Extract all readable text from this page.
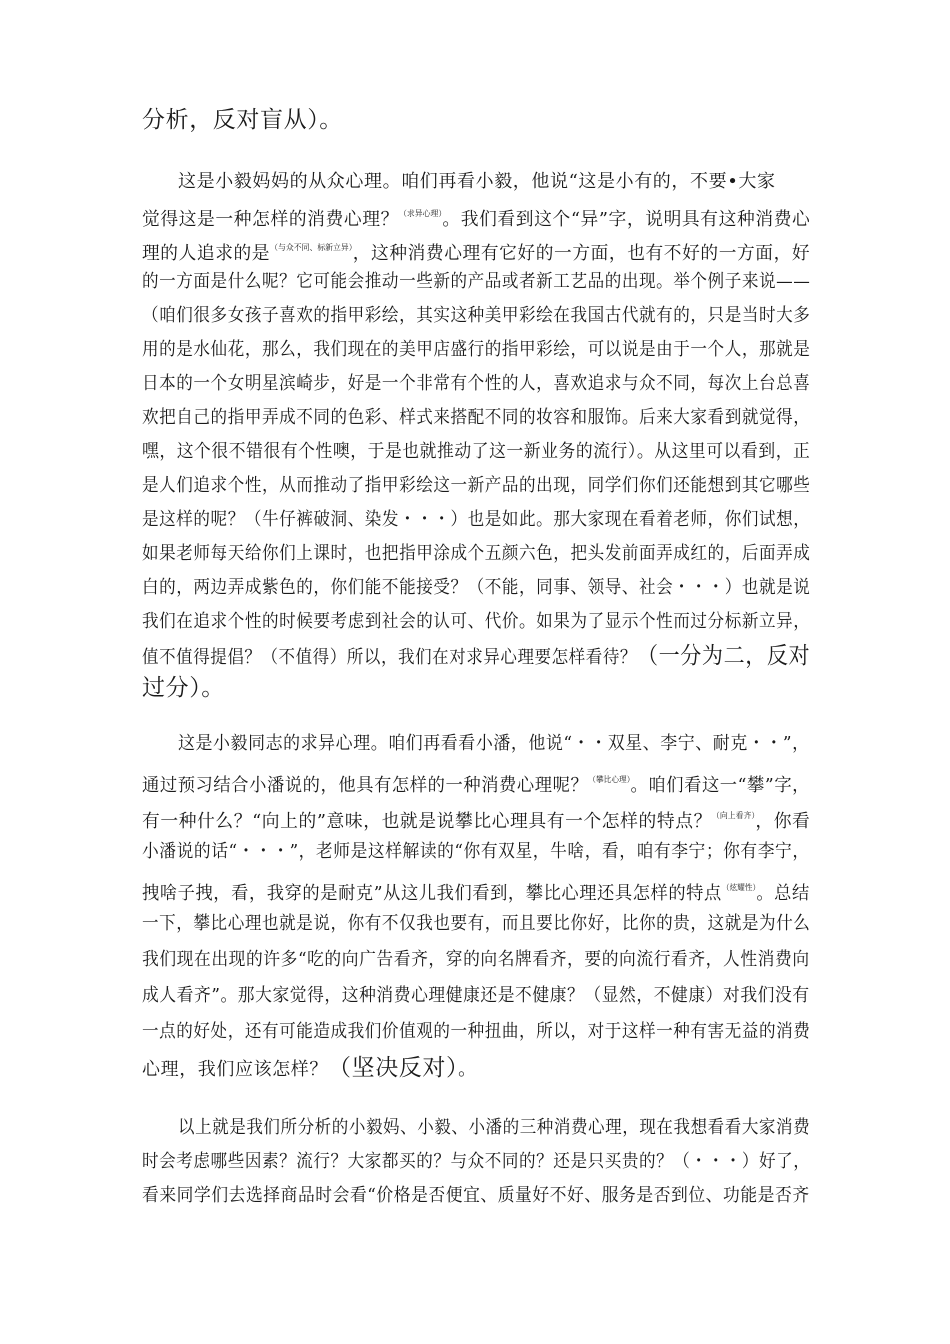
分析，反对盲从）。
这是小毅妈妈的从众心理。咱们再看小毅，他说“这是小有的，不要•大家
觉得这是一种怎样的消费心理？$^{(求异心理)}$。我们看到这个“异”字，说明具有这种消费心
理的人追求的是$^{(与众不同、标新立异)}$，这种消费心理有它好的一方面，也有不好的一方面，好
的一方面是什么呢？它可能会推动一些新的产品或者新工艺品的出现。举个例子来说——
（咱们很多女孩子喜欢的指甲彩绘，其实这种美甲彩绘在我国古代就有的，只是当时大多
用的是水仙花，那么，我们现在的美甲店盛行的指甲彩绘，可以说是由于一个人，那就是
日本的一个女明星滨崎步，好是一个非常有个性的人，喜欢追求与众不同，每次上台总喜
欢把自己的指甲弄成不同的色彩、样式来搭配不同的妆容和服饰。后来大家看到就觉得，
嘿，这个很不错很有个性噢，于是也就推动了这一新业务的流行）。从这里可以看到，正
是人们追求个性，从而推动了指甲彩绘这一新产品的出现，同学们你们还能想到其它哪些
是这样的呢？（牛仔裤破洞、染发・・・）也是如此。那大家现在看着老师，你们试想，
如果老师每天给你们上课时，也把指甲涂成个五颜六色，把头发前面弄成红的，后面弄成
白的，两边弄成紫色的，你们能不能接受？（不能，同事、领导、社会・・・）也就是说
我们在追求个性的时候要考虑到社会的认可、代价。如果为了显示个性而过分标新立异，
值不值得提倡？（不值得）所以，我们在对求异心理要怎样看待？（一分为二，反对
过分）。
这是小毅同志的求异心理。咱们再看看小潘，他说“・・双星、李宁、耐克・・”，
通过预习结合小潘说的，他具有怎样的一种消费心理呢？$^{(攀比心理)}$。咱们看这一“攀”字，
有一种什么？“向上的”意味，也就是说攀比心理具有一个怎样的特点？$^{(向上看齐)}$，你看
小潘说的话“・・・”，老师是这样解读的“你有双星，牛啥，看，咱有李宁；你有李宁，
拽啥子拽，看，我穿的是耐克”从这儿我们看到，攀比心理还具怎样的特点$^{(炫耀性)}$。总结
一下，攀比心理也就是说，你有不仅我也要有，而且要比你好，比你的贵，这就是为什么
我们现在出现的许多“吃的向广告看齐，穿的向名牌看齐，要的向流行看齐，人性消费向
成人看齐”。那大家觉得，这种消费心理健康还是不健康？（显然，不健康）对我们没有
一点的好处，还有可能造成我们价值观的一种扭曲，所以，对于这样一种有害无益的消费
心理，我们应该怎样？（坚决反对）。
以上就是我们所分析的小毅妈、小毅、小潘的三种消费心理，现在我想看看大家消费
时会考虑哪些因素？流行？大家都买的？与众不同的？还是只买贵的？（・・・）好了，
看来同学们去选择商品时会看“价格是否便宜、质量好不好、服务是否到位、功能是否齐
